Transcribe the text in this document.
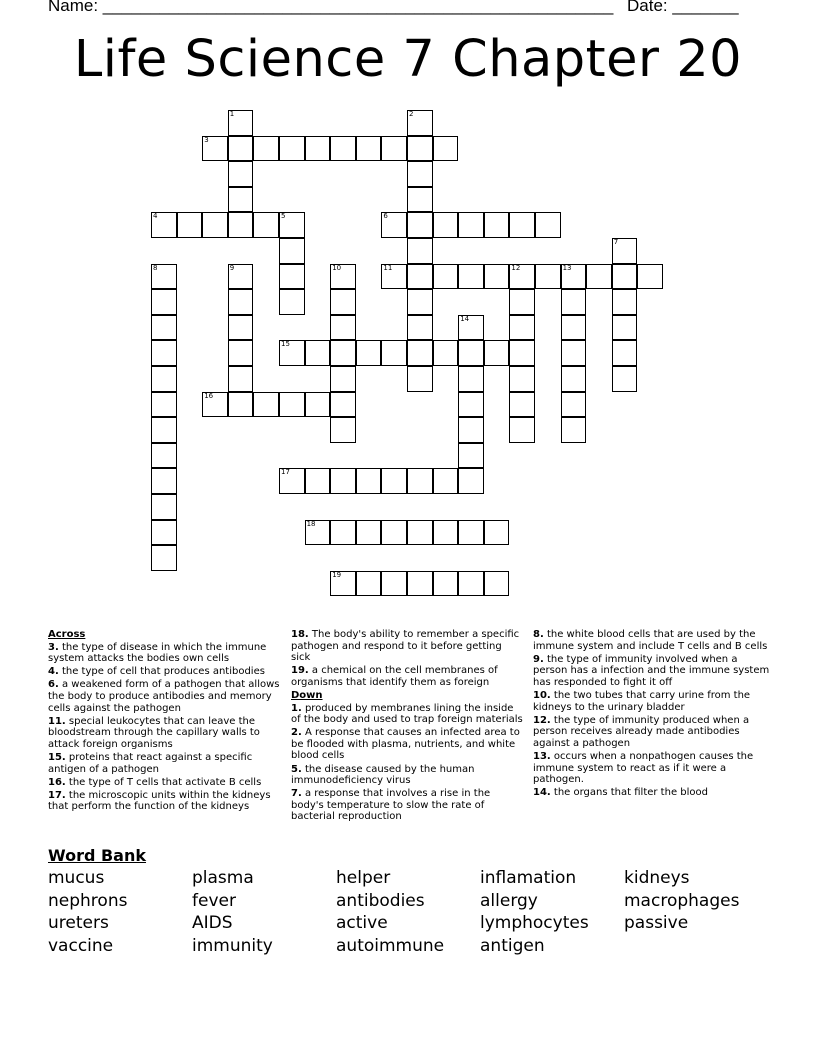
Name: ______________________________________________________ Date: _______
Life Science 7 Chapter 20
1	2
3
4	5	6
7
8	9	10	11	12	13
14
15
16
17
18
19
Across
3. the type of disease in which the immune system attacks the bodies own cells
4. the type of cell that produces antibodies
6. a weakened form of a pathogen that allows the body to produce antibodies and memory cells against the pathogen
11. special leukocytes that can leave the bloodstream through the capillary walls to attack foreign organisms
15. proteins that react against a specific antigen of a pathogen
16. the type of T cells that activate B cells
17. the microscopic units within the kidneys that perform the function of the kidneys
18. The body's ability to remember a specific pathogen and respond to it before getting sick
19. a chemical on the cell membranes of organisms that identify them as foreign
Down
1. produced by membranes lining the inside of the body and used to trap foreign materials
2. A response that causes an infected area to be flooded with plasma, nutrients, and white blood cells
5. the disease caused by the human immunodeficiency virus
7. a response that involves a rise in the body's temperature to slow the rate of bacterial reproduction
8. the white blood cells that are used by the immune system and include T cells and B cells
9. the type of immunity involved when a person has a infection and the immune system has responded to fight it off
10. the two tubes that carry urine from the kidneys to the urinary bladder
12. the type of immunity produced when a person receives already made antibodies against a pathogen
13. occurs when a nonpathogen causes the immune system to react as if it were a pathogen.
14. the organs that filter the blood
Word Bank
mucus	plasma	helper	inflamation	kidneys
nephrons	fever	antibodies	allergy	macrophages
ureters	AIDS	active	lymphocytes	passive
vaccine	immunity	autoimmune	antigen
